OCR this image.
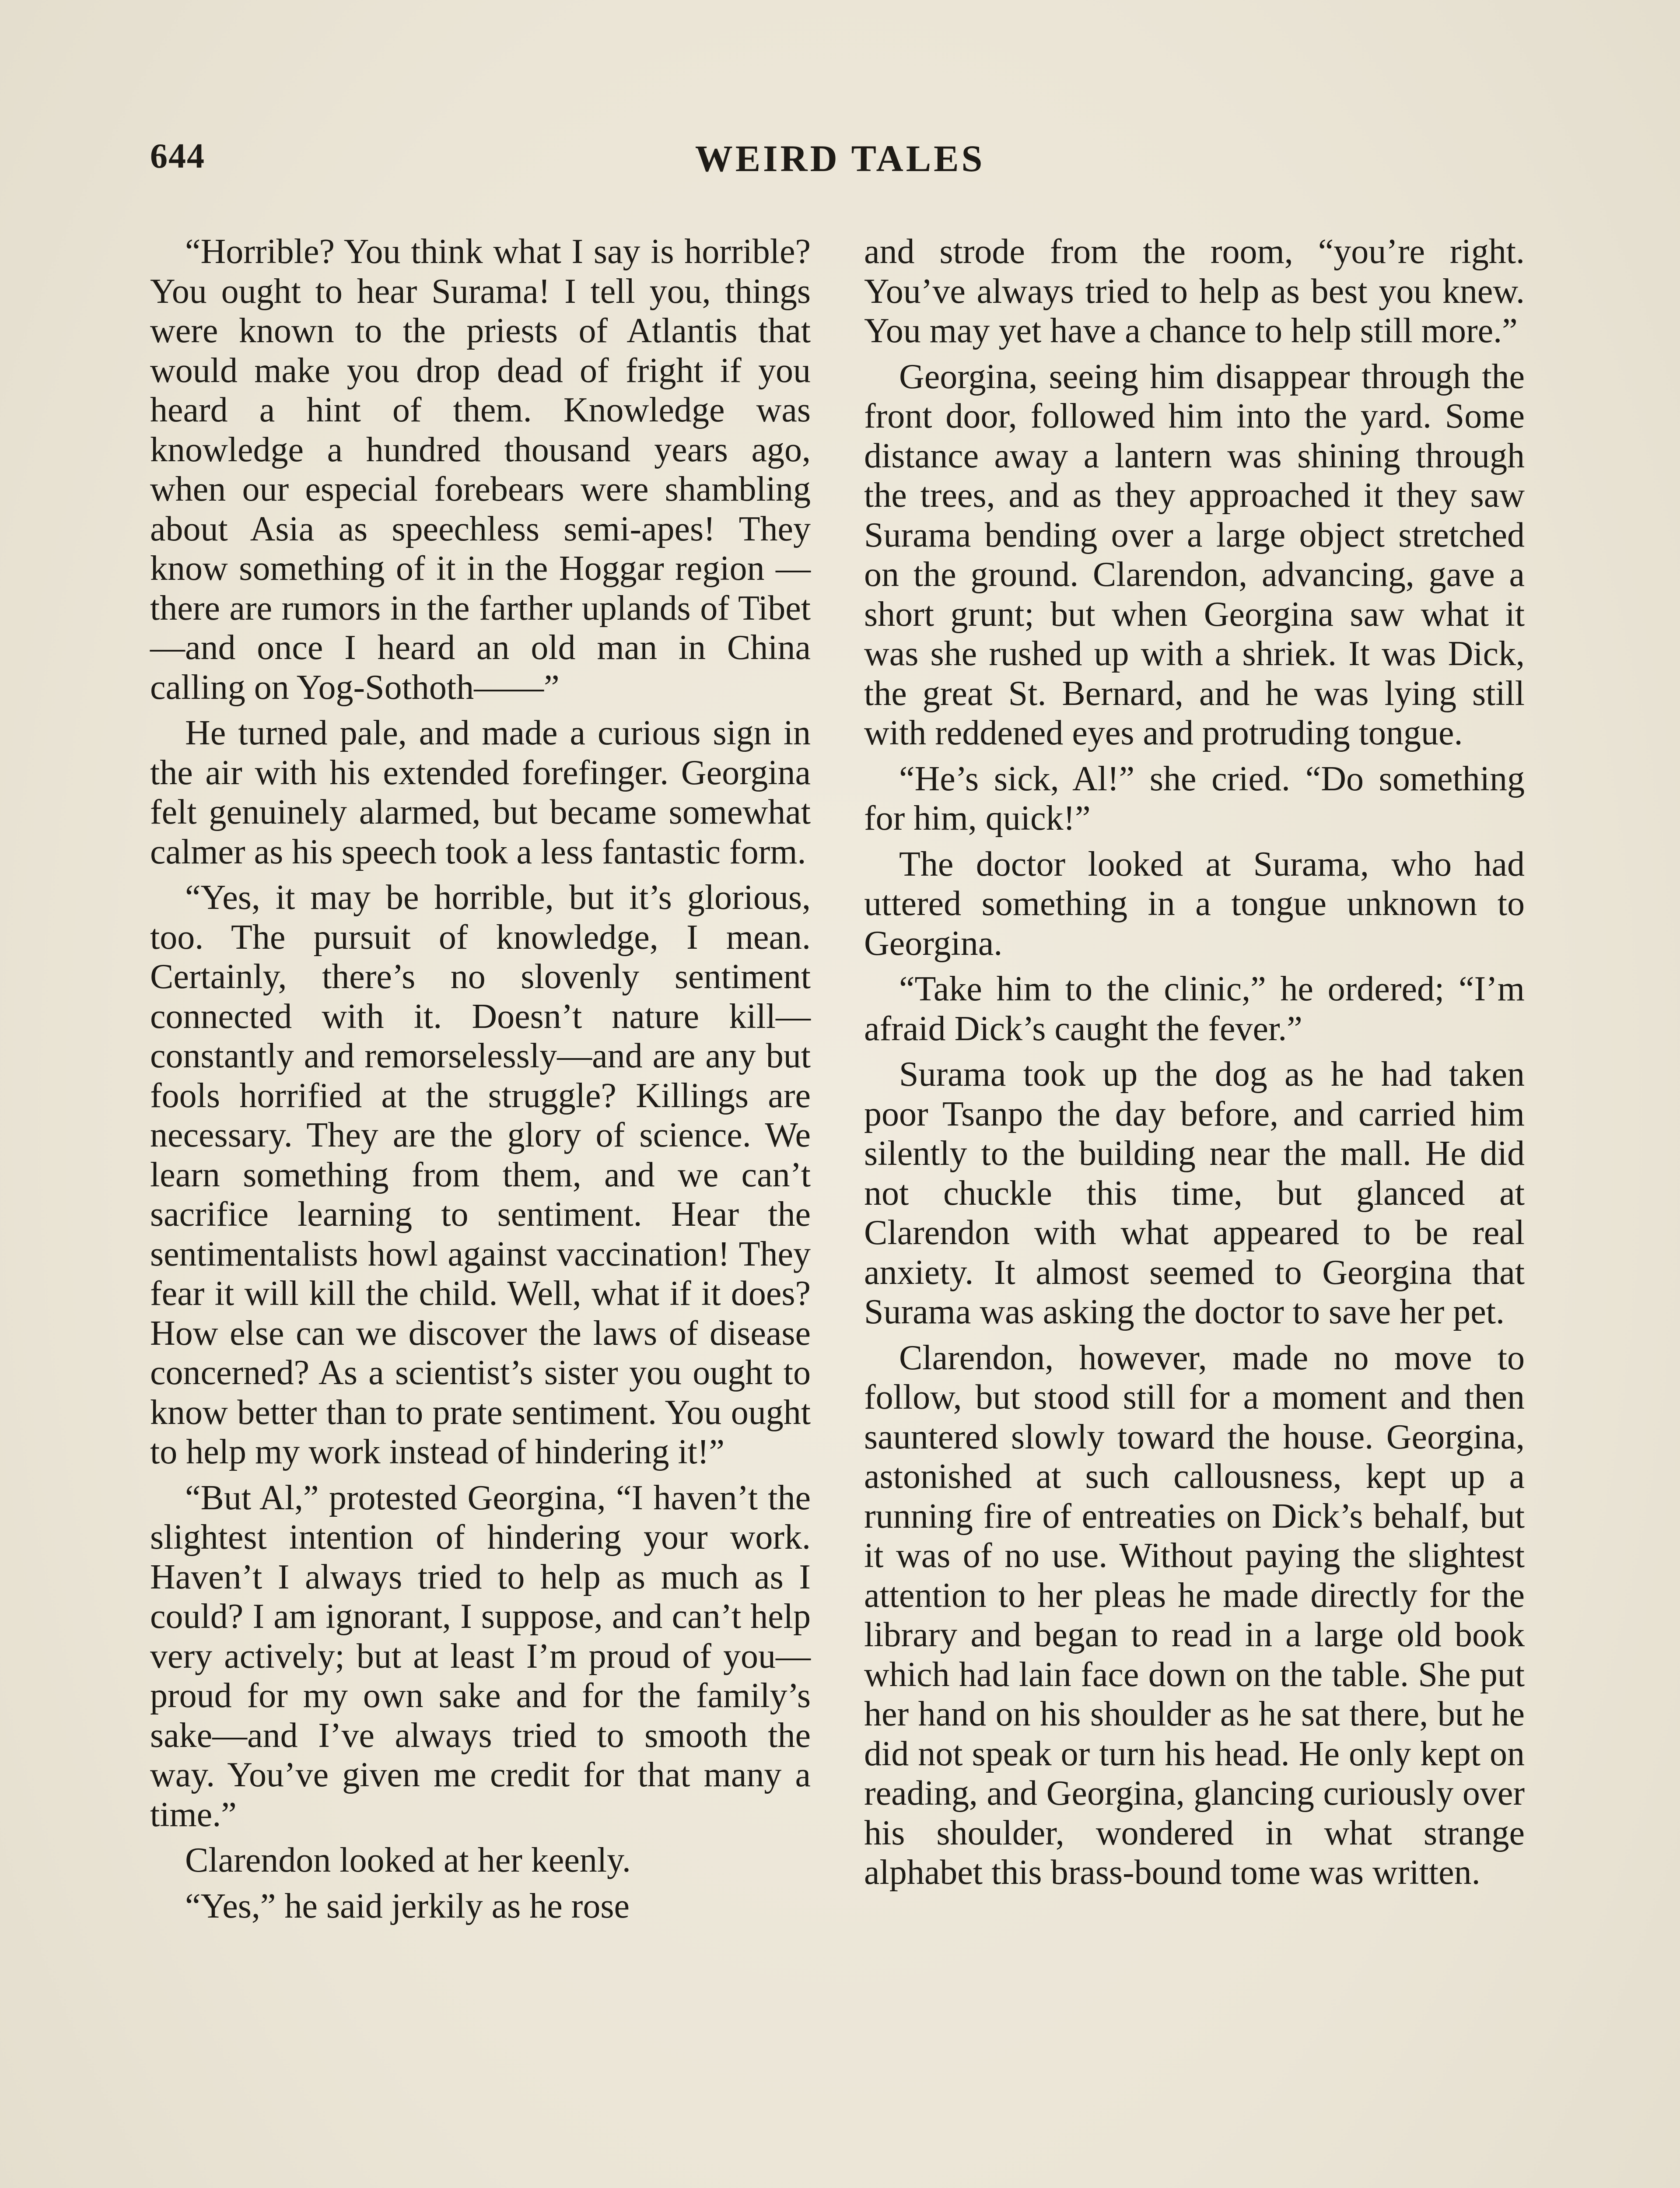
644	WEIRD TALES

“Horrible? You think what I say is horrible? You ought to hear Surama! I tell you, things were known to the priests of Atlantis that would make you drop dead of fright if you heard a hint of them. Knowledge was knowledge a hundred thousand years ago, when our especial forebears were shambling about Asia as speechless semi-apes! They know something of it in the Hoggar region —there are rumors in the farther uplands of Tibet—and once I heard an old man in China calling on Yog-Sothoth——”

He turned pale, and made a curious sign in the air with his extended forefinger. Georgina felt genuinely alarmed, but became somewhat calmer as his speech took a less fantastic form.

“Yes, it may be horrible, but it’s glorious, too. The pursuit of knowledge, I mean. Certainly, there’s no slovenly sentiment connected with it. Doesn’t nature kill—constantly and remorselessly—and are any but fools horrified at the struggle? Killings are necessary. They are the glory of science. We learn something from them, and we can’t sacrifice learning to sentiment. Hear the sentimentalists howl against vaccination! They fear it will kill the child. Well, what if it does? How else can we discover the laws of disease concerned? As a scientist’s sister you ought to know better than to prate sentiment. You ought to help my work instead of hindering it!”

“But Al,” protested Georgina, “I haven’t the slightest intention of hindering your work. Haven’t I always tried to help as much as I could? I am ignorant, I suppose, and can’t help very actively; but at least I’m proud of you—proud for my own sake and for the family’s sake—and I’ve always tried to smooth the way. You’ve given me credit for that many a time.”

Clarendon looked at her keenly.

“Yes,” he said jerkily as he rose

and strode from the room, “you’re right. You’ve always tried to help as best you knew. You may yet have a chance to help still more.”

Georgina, seeing him disappear through the front door, followed him into the yard. Some distance away a lantern was shining through the trees, and as they approached it they saw Surama bending over a large object stretched on the ground. Clarendon, advancing, gave a short grunt; but when Georgina saw what it was she rushed up with a shriek. It was Dick, the great St. Bernard, and he was lying still with reddened eyes and protruding tongue.

“He’s sick, Al!” she cried. “Do something for him, quick!”

The doctor looked at Surama, who had uttered something in a tongue unknown to Georgina.

“Take him to the clinic,” he ordered; “I’m afraid Dick’s caught the fever.”

Surama took up the dog as he had taken poor Tsanpo the day before, and carried him silently to the building near the mall. He did not chuckle this time, but glanced at Clarendon with what appeared to be real anxiety. It almost seemed to Georgina that Surama was asking the doctor to save her pet.

Clarendon, however, made no move to follow, but stood still for a moment and then sauntered slowly toward the house. Georgina, astonished at such callousness, kept up a running fire of entreaties on Dick’s behalf, but it was of no use. Without paying the slightest attention to her pleas he made directly for the library and began to read in a large old book which had lain face down on the table. She put her hand on his shoulder as he sat there, but he did not speak or turn his head. He only kept on reading, and Georgina, glancing curiously over his shoulder, wondered in what strange alphabet this brass-bound tome was written.
